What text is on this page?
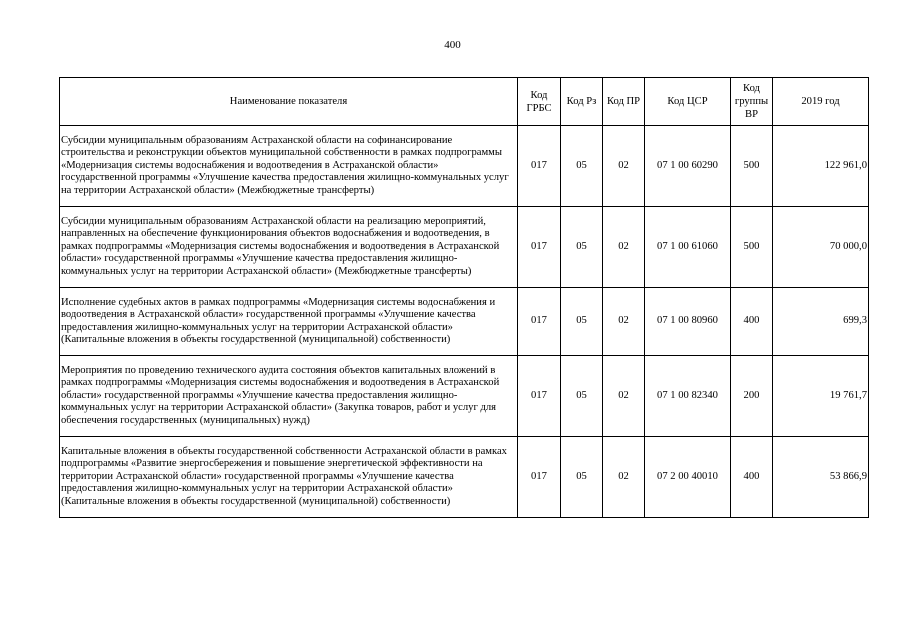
400
Наименование показателя	Код ГРБС	Код Рз	Код ПР	Код ЦСР	Код группы ВР	2019 год
Субсидии муниципальным образованиям Астраханской области на софинансирование строительства и реконструкции объектов муниципальной собственности в рамках подпрограммы «Модернизация системы водоснабжения и водоотведения в Астраханской области» государственной программы «Улучшение качества предоставления жилищно-коммунальных услуг на территории Астраханской области» (Межбюджетные трансферты)	017	05	02	07 1 00 60290	500	122 961,0
Субсидии муниципальным образованиям Астраханской области на реализацию мероприятий, направленных на обеспечение функционирования объектов водоснабжения и водоотведения, в рамках подпрограммы «Модернизация системы водоснабжения и водоотведения в Астраханской области» государственной программы «Улучшение качества предоставления жилищно-коммунальных услуг на территории Астраханской области» (Межбюджетные трансферты)	017	05	02	07 1 00 61060	500	70 000,0
Исполнение судебных актов в рамках подпрограммы «Модернизация системы водоснабжения и водоотведения в Астраханской области» государственной программы «Улучшение качества предоставления жилищно-коммунальных услуг на территории Астраханской области» (Капитальные вложения в объекты государственной (муниципальной) собственности)	017	05	02	07 1 00 80960	400	699,3
Мероприятия по проведению технического аудита состояния объектов капитальных вложений в рамках подпрограммы «Модернизация системы водоснабжения и водоотведения в Астраханской области» государственной программы «Улучшение качества предоставления жилищно-коммунальных услуг на территории Астраханской области» (Закупка товаров, работ и услуг для обеспечения государственных (муниципальных) нужд)	017	05	02	07 1 00 82340	200	19 761,7
Капитальные вложения в объекты государственной собственности Астраханской области в рамках подпрограммы «Развитие энергосбережения и повышение энергетической эффективности на территории Астраханской области» государственной программы «Улучшение качества предоставления жилищно-коммунальных услуг на территории Астраханской области» (Капитальные вложения в объекты государственной (муниципальной) собственности)	017	05	02	07 2 00 40010	400	53 866,9
